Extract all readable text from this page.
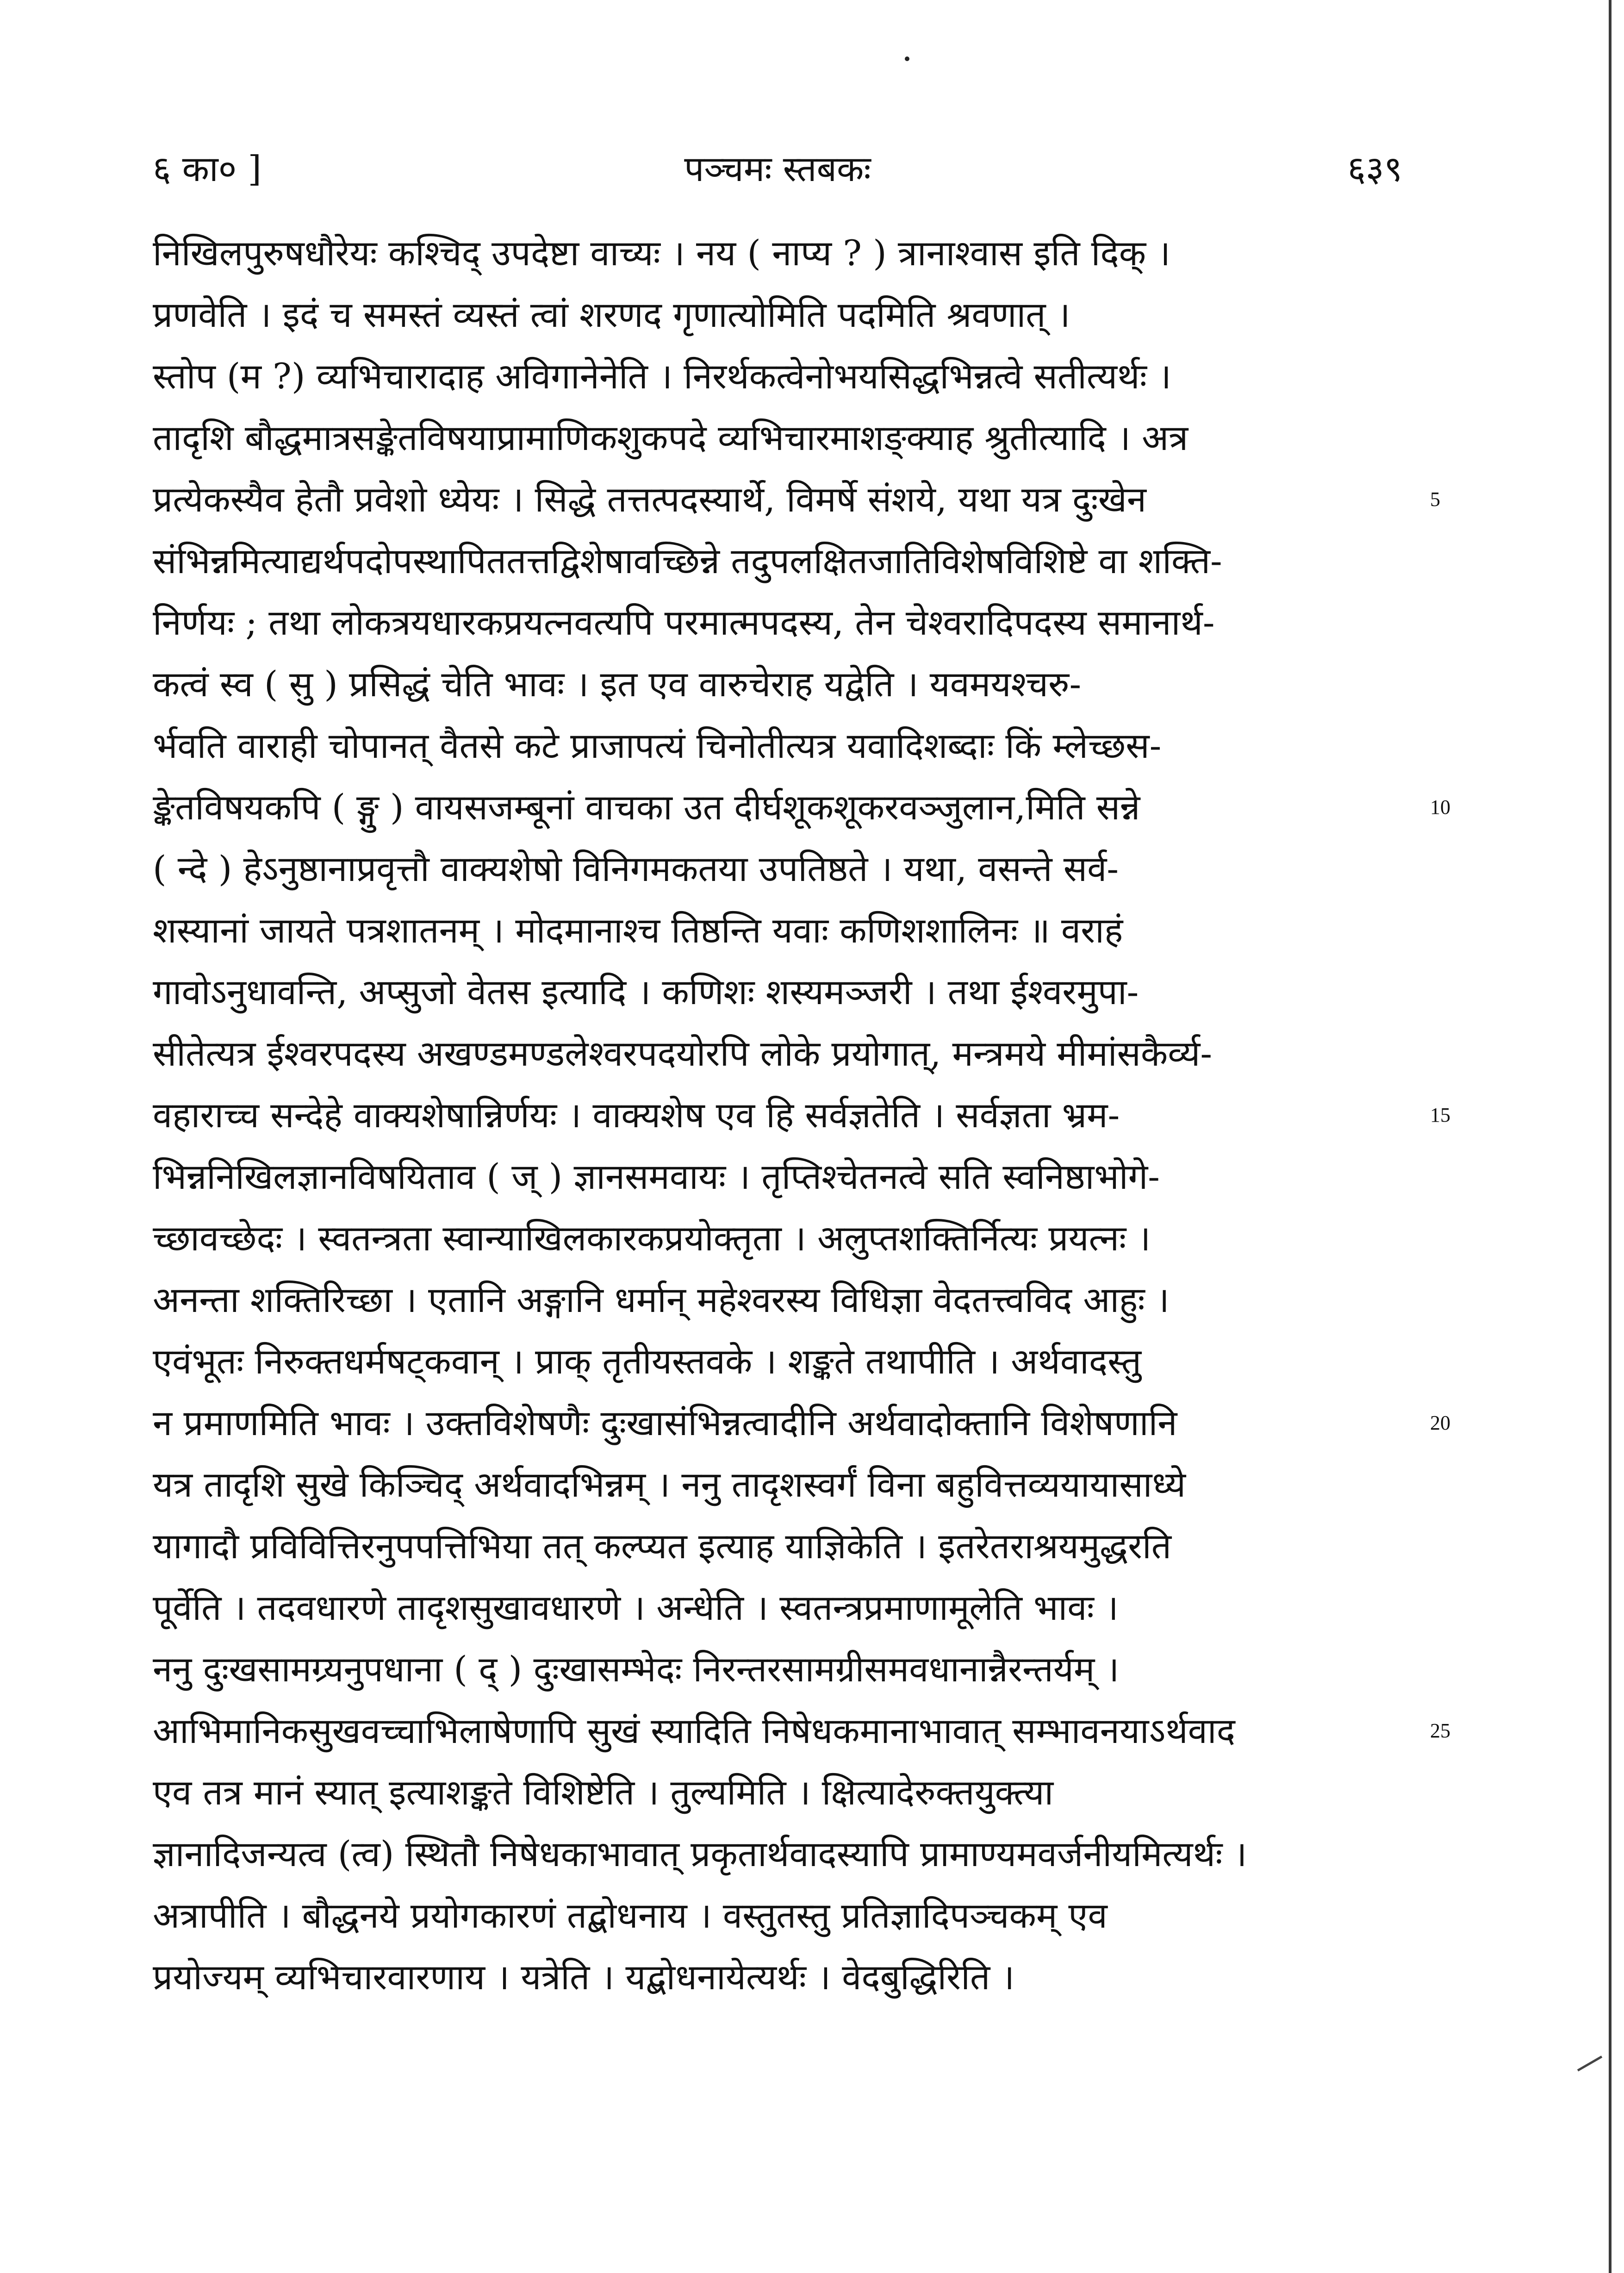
६ का० ]	पञ्चमः स्तबकः	६३९
निखिलपुरुषधौरेयः कश्चिद् उपदेष्टा वाच्यः । नय ( नाप्य ? ) त्रानाश्वास इति दिक् ।
प्रणवेति । इदं च समस्तं व्यस्तं त्वां शरणद गृणात्योमिति पदमिति श्रवणात् ।
स्तोप (म ?) व्यभिचारादाह अविगानेनेति । निरर्थकत्वेनोभयसिद्धभिन्नत्वे सतीत्यर्थः ।
तादृशि बौद्धमात्रसङ्केतविषयाप्रामाणिकशुकपदे व्यभिचारमाशङ्क्याह श्रुतीत्यादि । अत्र
प्रत्येकस्यैव हेतौ प्रवेशो ध्येयः । सिद्धे तत्तत्पदस्यार्थे, विमर्षे संशये, यथा यत्र दुःखेन
संभिन्नमित्याद्यर्थपदोपस्थापिततत्तद्विशेषावच्छिन्ने तदुपलक्षितजातिविशेषविशिष्टे वा शक्ति-
निर्णयः ; तथा लोकत्रयधारकप्रयत्नवत्यपि परमात्मपदस्य, तेन चेश्वरादिपदस्य समानार्थ-
कत्वं स्व ( सु ) प्रसिद्धं चेति भावः । इत एव वारुचेराह यद्वेति । यवमयश्चरु-
र्भवति वाराही चोपानत् वैतसे कटे प्राजापत्यं चिनोतीत्यत्र यवादिशब्दाः किं म्लेच्छस-
ङ्केतविषयकपि ( ङ्गु ) वायसजम्बूनां वाचका उत दीर्घशूकशूकरवञ्जुलान,मिति सन्ने
( न्दे ) हेऽनुष्ठानाप्रवृत्तौ वाक्यशेषो विनिगमकतया उपतिष्ठते । यथा, वसन्ते सर्व-
शस्यानां जायते पत्रशातनम् । मोदमानाश्च तिष्ठन्ति यवाः कणिशशालिनः ॥ वराहं
गावोऽनुधावन्ति, अप्सुजो वेतस इत्यादि । कणिशः शस्यमञ्जरी । तथा ईश्वरमुपा-
सीतेत्यत्र ईश्वरपदस्य अखण्डमण्डलेश्वरपदयोरपि लोके प्रयोगात्, मन्त्रमये मीमांसकैर्व्य-
वहाराच्च सन्देहे वाक्यशेषान्निर्णयः । वाक्यशेष एव हि सर्वज्ञतेति । सर्वज्ञता भ्रम-
भिन्ननिखिलज्ञानविषयिताव ( ज् ) ज्ञानसमवायः । तृप्तिश्चेतनत्वे सति स्वनिष्ठाभोगे-
च्छावच्छेदः । स्वतन्त्रता स्वान्याखिलकारकप्रयोक्तृता । अलुप्तशक्तिर्नित्यः प्रयत्नः ।
अनन्ता शक्तिरिच्छा । एतानि अङ्गानि धर्मान् महेश्वरस्य विधिज्ञा वेदतत्त्वविद आहुः ।
एवंभूतः निरुक्तधर्मषट्कवान् । प्राक् तृतीयस्तवके । शङ्कते तथापीति । अर्थवादस्तु
न प्रमाणमिति भावः । उक्तविशेषणैः दुःखासंभिन्नत्वादीनि अर्थवादोक्तानि विशेषणानि
यत्र तादृशि सुखे किञ्चिद् अर्थवादभिन्नम् । ननु तादृशस्वर्गं विना बहुवित्तव्ययायासाध्ये
यागादौ प्रविवित्तिरनुपपत्तिभिया तत् कल्प्यत इत्याह याज्ञिकेति । इतरेतराश्रयमुद्धरति
पूर्वेति । तदवधारणे तादृशसुखावधारणे । अन्धेति । स्वतन्त्रप्रमाणामूलेति भावः ।
ननु दुःखसामग्र्यनुपधाना ( द् ) दुःखासम्भेदः निरन्तरसामग्रीसमवधानान्नैरन्तर्यम् ।
आभिमानिकसुखवच्चाभिलाषेणापि सुखं स्यादिति निषेधकमानाभावात् सम्भावनयाऽर्थवाद
एव तत्र मानं स्यात् इत्याशङ्कते विशिष्टेति । तुल्यमिति । क्षित्यादेरुक्तयुक्त्या
ज्ञानादिजन्यत्व (त्व) स्थितौ निषेधकाभावात् प्रकृतार्थवादस्यापि प्रामाण्यमवर्जनीयमित्यर्थः ।
अत्रापीति । बौद्धनये प्रयोगकारणं तद्बोधनाय । वस्तुतस्तु प्रतिज्ञादिपञ्चकम् एव
प्रयोज्यम् व्यभिचारवारणाय । यत्रेति । यद्बोधनायेत्यर्थः । वेदबुद्धिरिति ।
5
10
15
20
25
